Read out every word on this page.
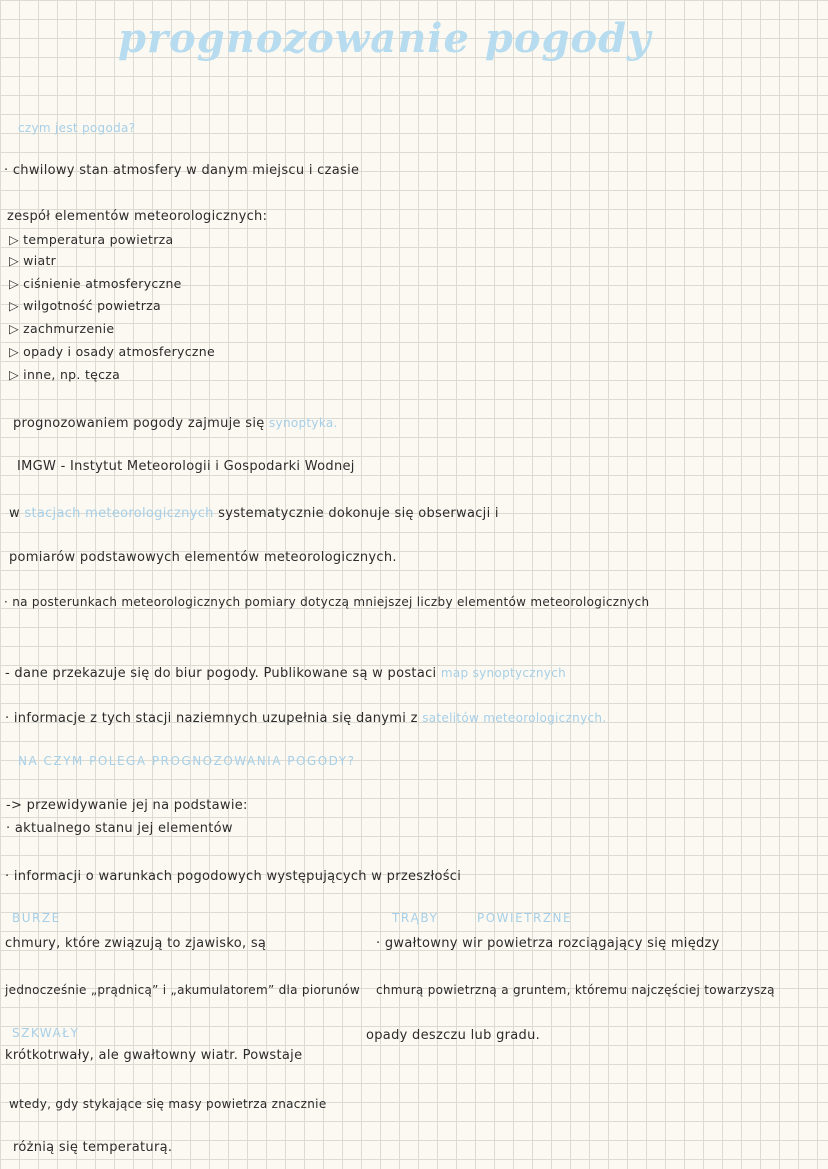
prognozowanie pogody
czym jest pogoda?
· chwilowy stan atmosfery w danym miejscu i czasie
zespół elementów meteorologicznych:
▷ temperatura powietrza
▷ wiatr
▷ ciśnienie atmosferyczne
▷ wilgotność powietrza
▷ zachmurzenie
▷ opady i osady atmosferyczne
▷ inne, np. tęcza
prognozowaniem pogody zajmuje się synoptyka.
IMGW - Instytut Meteorologii i Gospodarki Wodnej
w stacjach meteorologicznych systematycznie dokonuje się obserwacji i
pomiarów podstawowych elementów meteorologicznych.
· na posterunkach meteorologicznych pomiary dotyczą mniejszej liczby elementów meteorologicznych
- dane przekazuje się do biur pogody. Publikowane są w postaci map synoptycznych
· informacje z tych stacji naziemnych uzupełnia się danymi z satelitów meteorologicznych.
NA CZYM POLEGA PROGNOZOWANIA POGODY?
-> przewidywanie jej na podstawie:
· aktualnego stanu jej elementów
· informacji o warunkach pogodowych występujących w przeszłości
BURZE
chmury, które związują to zjawisko, są
jednocześnie „prądnicą” i „akumulatorem” dla piorunów
TRĄBY	POWIETRZNE
· gwałtowny wir powietrza rozciągający się między
chmurą powietrzną a gruntem, któremu najczęściej towarzyszą
opady deszczu lub gradu.
SZKWAŁY
krótkotrwały, ale gwałtowny wiatr. Powstaje
wtedy, gdy stykające się masy powietrza znacznie
różnią się temperaturą.
